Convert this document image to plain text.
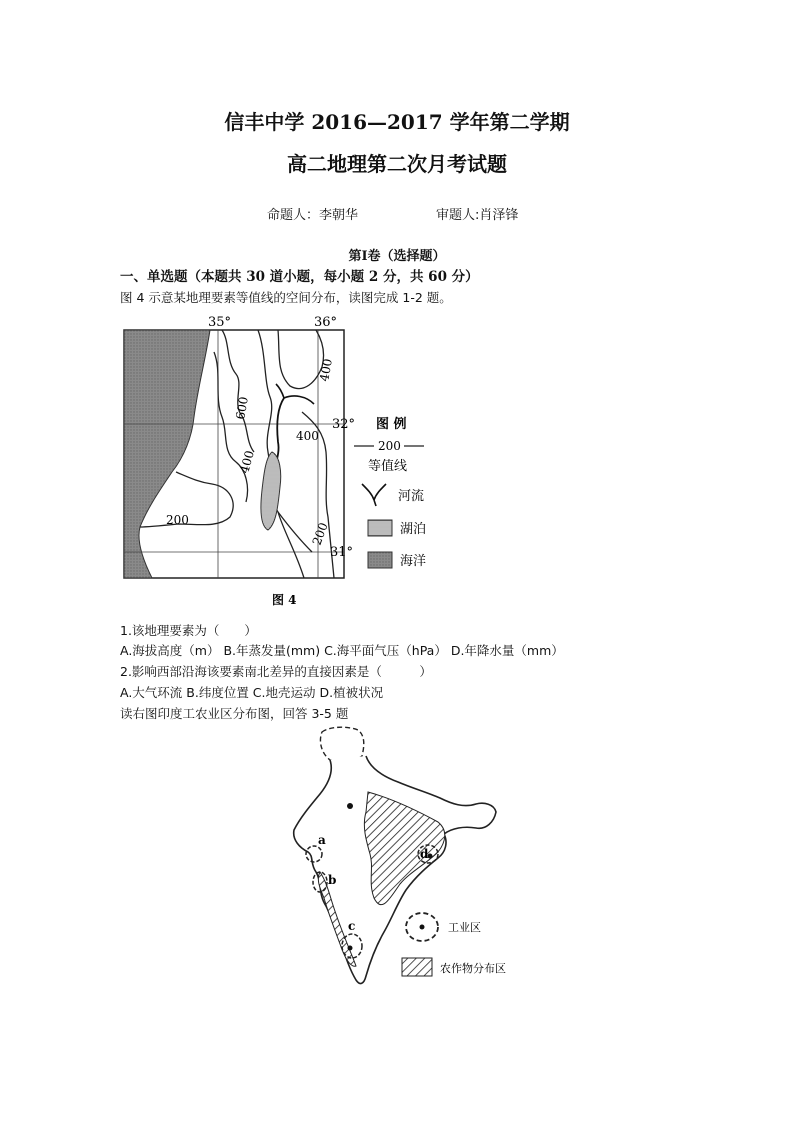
信丰中学 2016—2017 学年第二学期
高二地理第二次月考试题
命题人：李朝华	审题人:肖泽锋
第Ⅰ卷（选择题）
一、单选题（本题共 30 道小题，每小题 2 分，共 60 分）
图 4 示意某地理要素等值线的空间分布，读图完成 1-2 题。
35°	36°
32°
31°
600
400
400
400
200
200
图 例
200
等值线
河流
湖泊
海洋
图 4
1.该地理要素为（　　）
A.海拔高度（m） B.年蒸发量(mm) C.海平面气压（hPa） D.年降水量（mm）
2.影响西部沿海该要素南北差异的直接因素是（　　　）
A.大气环流 B.纬度位置 C.地壳运动 D.植被状况
读右图印度工农业区分布图，回答 3-5 题
a
b
c
d
工业区
农作物分布区
